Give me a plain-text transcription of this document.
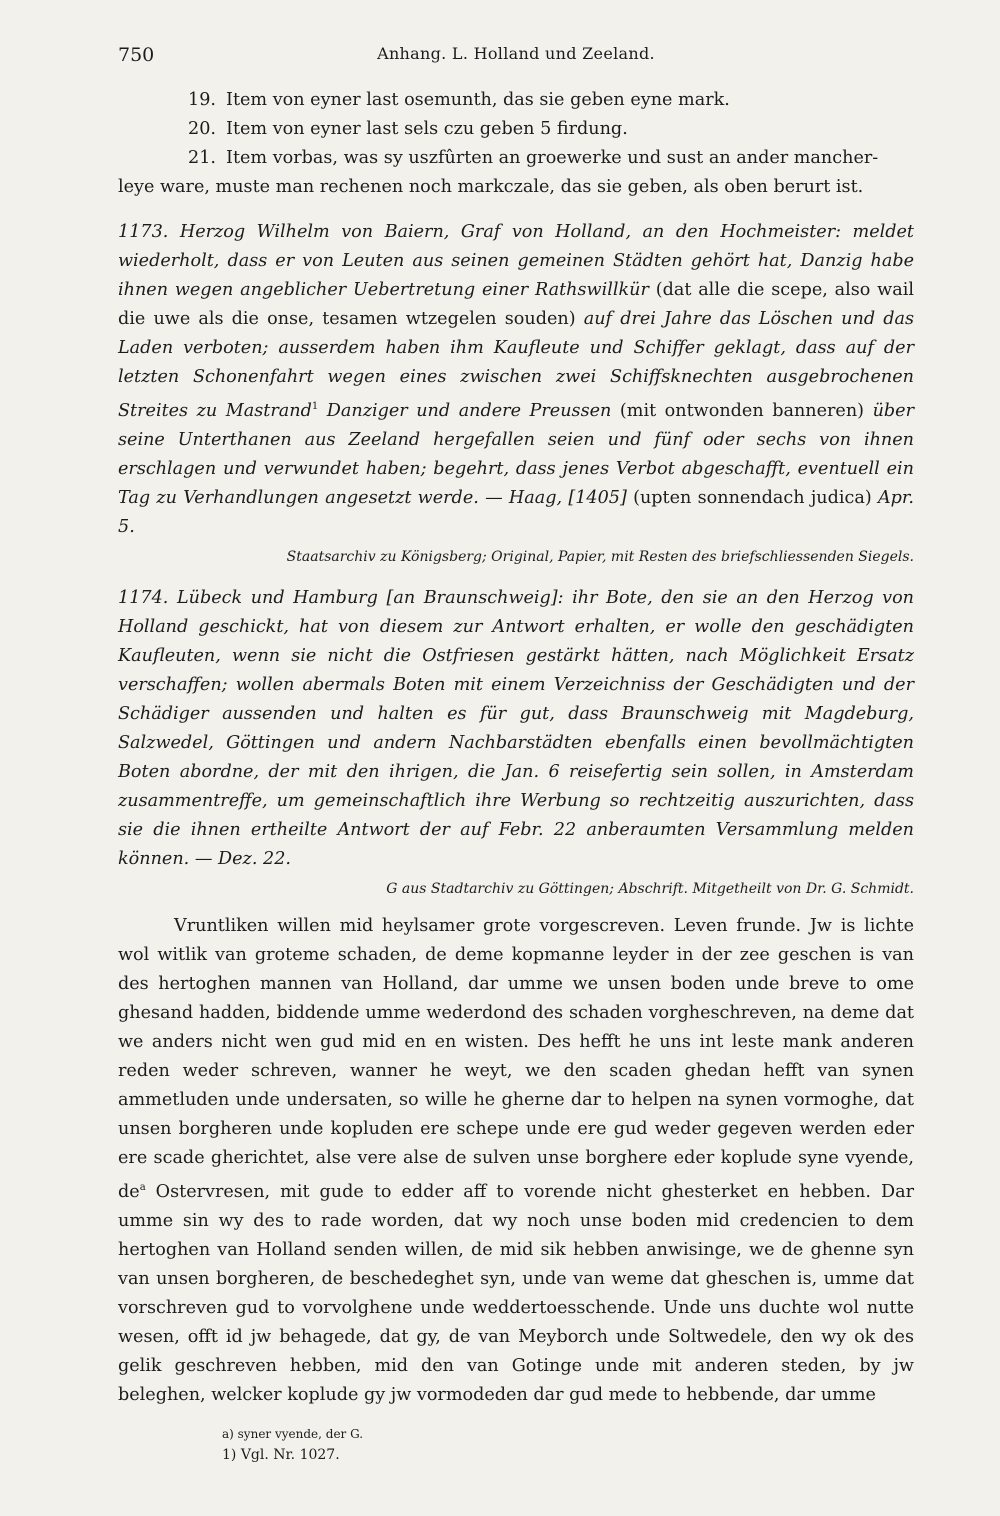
750	Anhang. L. Holland und Zeeland.
19. Item von eyner last osemunth, das sie geben eyne mark.
20. Item von eyner last sels czu geben 5 firdung.
21. Item vorbas, was sy uszfûrten an groewerke und sust an ander mancher-
leye ware, muste man rechenen noch markczale, das sie geben, als oben berurt ist.

1173. Herzog Wilhelm von Baiern, Graf von Holland, an den Hochmeister: meldet wiederholt, dass er von Leuten aus seinen gemeinen Städten gehört hat, Danzig habe ihnen wegen angeblicher Uebertretung einer Rathswillkür (dat alle die scepe, also wail die uwe als die onse, tesamen wtzegelen souden) auf drei Jahre das Löschen und das Laden verboten; ausserdem haben ihm Kaufleute und Schiffer geklagt, dass auf der letzten Schonenfahrt wegen eines zwischen zwei Schiffsknechten ausgebrochenen Streites zu Mastrand$^1$ Danziger und andere Preussen (mit ontwonden banneren) über seine Unterthanen aus Zeeland hergefallen seien und fünf oder sechs von ihnen erschlagen und verwundet haben; begehrt, dass jenes Verbot abgeschafft, eventuell ein Tag zu Verhandlungen angesetzt werde. — Haag, [1405] (upten sonnendach judica) Apr. 5.

Staatsarchiv zu Königsberg; Original, Papier, mit Resten des briefschliessenden Siegels.

1174. Lübeck und Hamburg [an Braunschweig]: ihr Bote, den sie an den Herzog von Holland geschickt, hat von diesem zur Antwort erhalten, er wolle den geschädigten Kaufleuten, wenn sie nicht die Ostfriesen gestärkt hätten, nach Möglichkeit Ersatz verschaffen; wollen abermals Boten mit einem Verzeichniss der Geschädigten und der Schädiger aussenden und halten es für gut, dass Braunschweig mit Magdeburg, Salzwedel, Göttingen und andern Nachbarstädten ebenfalls einen bevollmächtigten Boten abordne, der mit den ihrigen, die Jan. 6 reisefertig sein sollen, in Amsterdam zusammentreffe, um gemeinschaftlich ihre Werbung so rechtzeitig auszurichten, dass sie die ihnen ertheilte Antwort der auf Febr. 22 anberaumten Versammlung melden können. — Dez. 22.

G aus Stadtarchiv zu Göttingen; Abschrift. Mitgetheilt von Dr. G. Schmidt.

Vruntliken willen mid heylsamer grote vorgescreven. Leven frunde. Jw is lichte wol witlik van groteme schaden, de deme kopmanne leyder in der zee geschen is van des hertoghen mannen van Holland, dar umme we unsen boden unde breve to ome ghesand hadden, biddende umme wederdond des schaden vorgheschreven, na deme dat we anders nicht wen gud mid en en wisten. Des hefft he uns int leste mank anderen reden weder schreven, wanner he weyt, we den scaden ghedan hefft van synen ammetluden unde undersaten, so wille he gherne dar to helpen na synen vormoghe, dat unsen borgheren unde kopluden ere schepe unde ere gud weder gegeven werden eder ere scade gherichtet, alse vere alse de sulven unse borghere eder koplude syne vyende, $de^a$ Ostervresen, mit gude to edder aff to vorende nicht ghesterket en hebben. Dar umme sin wy des to rade worden, dat wy noch unse boden mid credencien to dem hertoghen van Holland senden willen, de mid sik hebben anwisinge, we de ghenne syn van unsen borgheren, de beschedeghet syn, unde van weme dat gheschen is, umme dat vorschreven gud to vorvolghene unde weddertoesschende. Unde uns duchte wol nutte wesen, offt id jw behagede, dat gy, de van Meyborch unde Soltwedele, den wy ok des gelik geschreven hebben, mid den van Gotinge unde mit anderen steden, by jw beleghen, welcker koplude gy jw vormodeden dar gud mede to hebbende, dar umme

a) syner vyende, der G.
1) Vgl. Nr. 1027.
